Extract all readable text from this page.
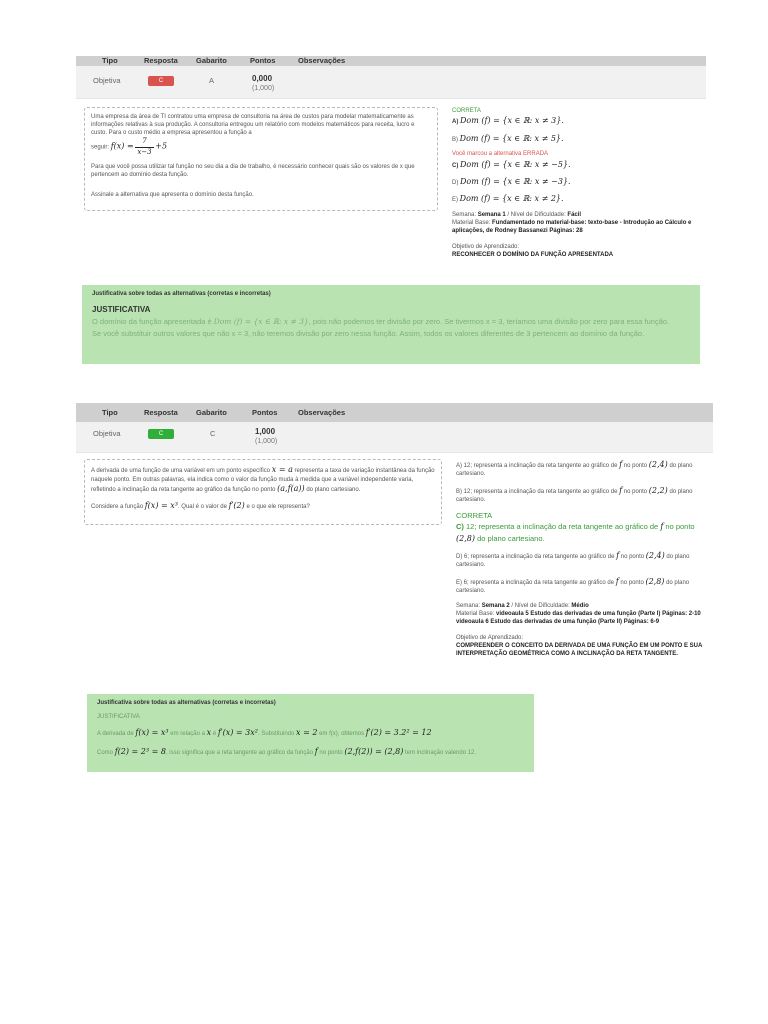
Tipo	Resposta Gabarito	Pontos	Observações
Objetiva	C	A	0,000
(1,000)

Uma empresa da área de TI contratou uma empresa de consultoria na área de custos para modelar matematicamente as informações relativas à sua produção. A consultoria entregou um relatório com modelos matemáticos para receita, lucro e custo. Para o custo médio a empresa apresentou a função a
seguir: $f(x) = \frac{7}{x-3} +5$

Para que você possa utilizar tal função no seu dia a dia de trabalho, é necessário conhecer quais são os valores de x que pertencem ao domínio desta função.

Assinale a alternativa que apresenta o domínio desta função.

CORRETA
A) Dom (f) = {x ∈ ℝ: x ≠ 3}.
B) Dom (f) = {x ∈ ℝ: x ≠ 5}.
Você marcou a alternativa ERRADA
C) Dom (f) = {x ∈ ℝ: x ≠ −5}.
D) Dom (f) = {x ∈ ℝ: x ≠ −3}.
E) Dom (f) = {x ∈ ℝ: x ≠ 2}.
Semana: Semana 1 / Nível de Dificuldade: Fácil
Material Base: Fundamentado no material-base: texto-base - Introdução ao Cálculo e aplicações, de Rodney Bassanezi Páginas: 28
Objetivo de Aprendizado:
RECONHECER O DOMÍNIO DA FUNÇÃO APRESENTADA
Justificativa sobre todas as alternativas (corretas e incorretas)
JUSTIFICATIVA
O domínio da função apresentada é Dom (f) = {x ∈ ℝ: x ≠ 3}, pois não podemos ter divisão por zero. Se tivermos x = 3, teríamos uma divisão por zero para essa função.
Se você substituir outros valores que não x = 3, não teremos divisão por zero nessa função. Assim, todos os valores diferentes de 3 pertencem ao domínio da função.
Tipo	Resposta Gabarito	Pontos	Observações
Objetiva	C	C	1,000
(1,000)

A derivada de uma função de uma variável em um ponto específico x = a representa a taxa de variação instantânea da função naquele ponto. Em outras palavras, ela indica como o valor da função muda à medida que a variável independente varia, refletindo a inclinação da reta tangente ao gráfico da função no ponto (a,f(a)) do plano cartesiano.

Considere a função f(x) = x³. Qual é o valor de f′(2) e o que ele representa?

A) 12; representa a inclinação da reta tangente ao gráfico de f no ponto (2,4) do plano cartesiano.
B) 12; representa a inclinação da reta tangente ao gráfico de f no ponto (2,2) do plano cartesiano.
CORRETA
C) 12; representa a inclinação da reta tangente ao gráfico de f no ponto (2,8) do plano cartesiano.
D) 6; representa a inclinação da reta tangente ao gráfico de f no ponto (2,4) do plano cartesiano.
E) 6; representa a inclinação da reta tangente ao gráfico de f no ponto (2,8) do plano cartesiano.
Semana: Semana 2 / Nível de Dificuldade: Médio
Material Base: videoaula 5 Estudo das derivadas de uma função (Parte I) Páginas: 2-10 videoaula 6 Estudo das derivadas de uma função (Parte II) Páginas: 6-9
Objetivo de Aprendizado:
COMPREENDER O CONCEITO DA DERIVADA DE UMA FUNÇÃO EM UM PONTO E SUA INTERPRETAÇÃO GEOMÉTRICA COMO A INCLINAÇÃO DA RETA TANGENTE.
Justificativa sobre todas as alternativas (corretas e incorretas)
JUSTIFICATIVA
A derivada de f(x) = x³ em relação a x é f′(x) = 3x². Substituindo x = 2 em f(x), obtemos f′(2) = 3.2² = 12
Como f(2) = 2³ = 8, isso significa que a reta tangente ao gráfico da função f no ponto (2,f(2)) = (2,8) tem inclinação valendo 12.
